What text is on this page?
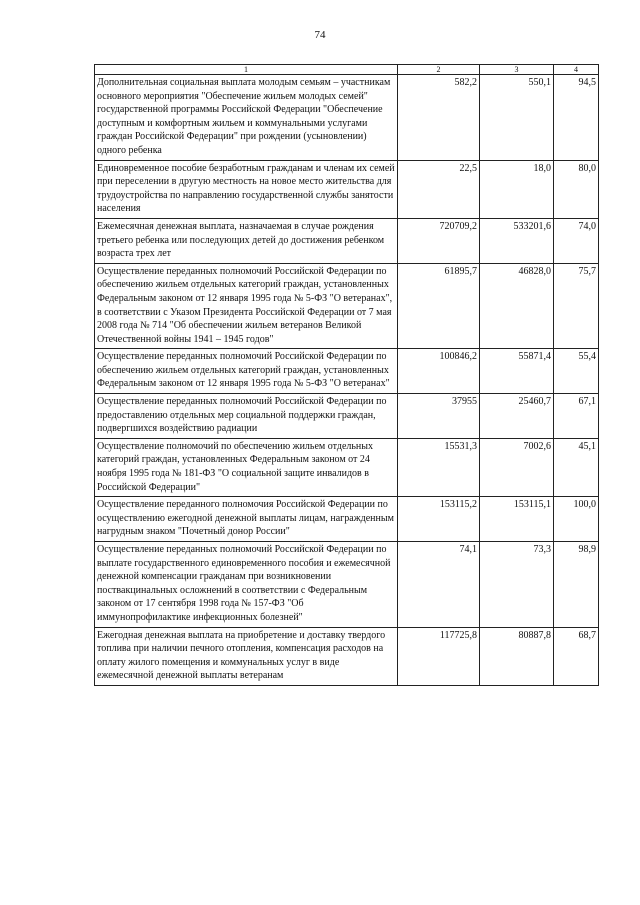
74
1	2	3	4
Дополнительная социальная выплата молодым семьям – участникам основного мероприятия "Обеспечение жильем молодых семей" государственной программы Российской Федерации "Обеспечение доступным и комфортным жильем и коммунальными услугами граждан Российской Федерации" при рождении (усыновлении) одного ребенка	582,2	550,1	94,5
Единовременное пособие безработным гражданам и членам их семей при переселении в другую местность на новое место жительства для трудоустройства по направлению государственной службы занятости населения	22,5	18,0	80,0
Ежемесячная денежная выплата, назначаемая в случае рождения третьего ребенка или последующих детей до достижения ребенком возраста трех лет	720709,2	533201,6	74,0
Осуществление переданных полномочий Российской Федерации по обеспечению жильем отдельных категорий граждан, установленных Федеральным законом от 12 января 1995 года № 5-ФЗ "О ветеранах", в соответствии с Указом Президента Российской Федерации от 7 мая 2008 года № 714 "Об обеспечении жильем ветеранов Великой Отечественной войны 1941 – 1945 годов"	61895,7	46828,0	75,7
Осуществление переданных полномочий Российской Федерации по обеспечению жильем отдельных категорий граждан, установленных Федеральным законом от 12 января 1995 года № 5-ФЗ "О ветеранах"	100846,2	55871,4	55,4
Осуществление переданных полномочий Российской Федерации по предоставлению отдельных мер социальной поддержки граждан, подвергшихся воздействию радиации	37955	25460,7	67,1
Осуществление полномочий по обеспечению жильем отдельных категорий граждан, установленных Федеральным законом от 24 ноября 1995 года № 181-ФЗ "О социальной защите инвалидов в Российской Федерации"	15531,3	7002,6	45,1
Осуществление переданного полномочия Российской Федерации по осуществлению ежегодной денежной выплаты лицам, награжденным нагрудным знаком "Почетный донор России"	153115,2	153115,1	100,0
Осуществление переданных полномочий Российской Федерации по выплате государственного единовременного пособия и ежемесячной денежной компенсации гражданам при возникновении поствакцинальных осложнений в соответствии с Федеральным законом от 17 сентября 1998 года № 157-ФЗ "Об иммунопрофилактике инфекционных болезней"	74,1	73,3	98,9
Ежегодная денежная выплата на приобретение и доставку твердого топлива при наличии печного отопления, компенсация расходов на оплату жилого помещения и коммунальных услуг в виде ежемесячной денежной выплаты ветеранам	117725,8	80887,8	68,7
